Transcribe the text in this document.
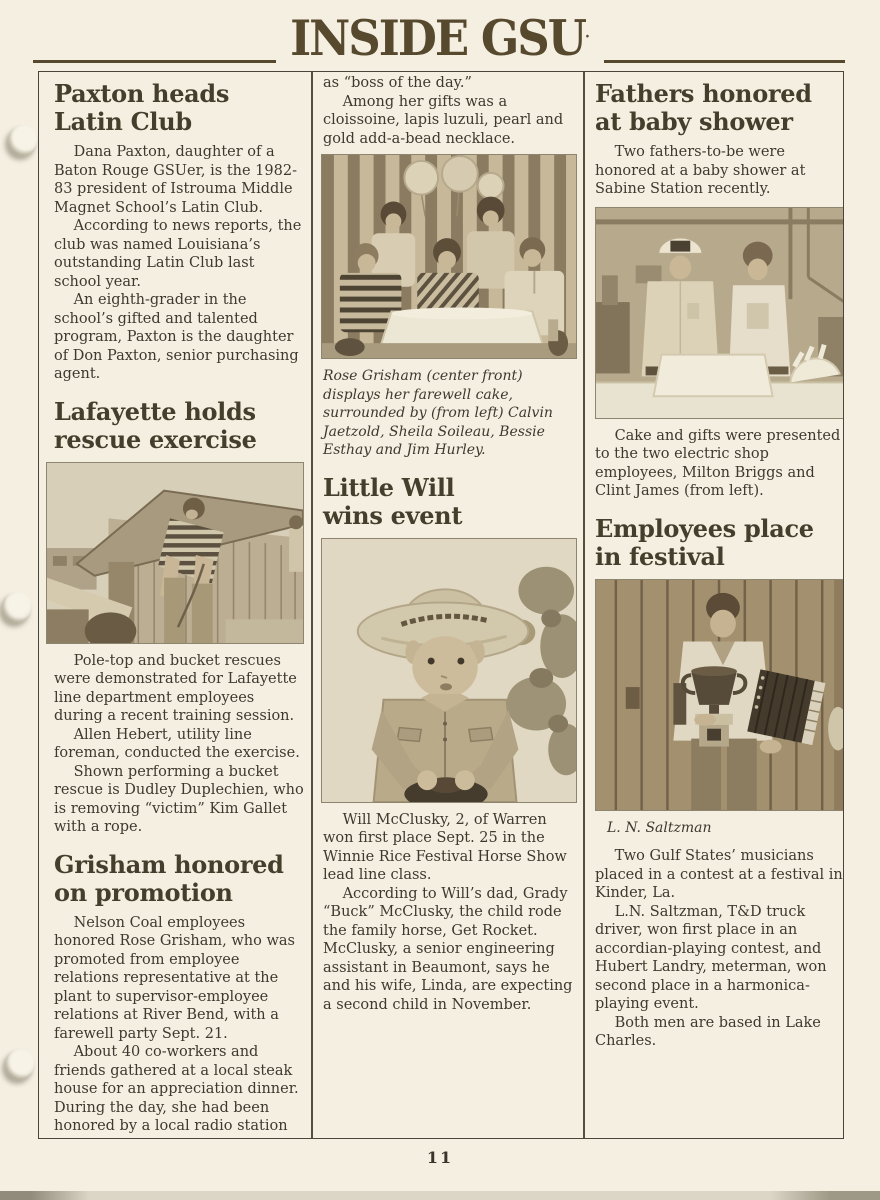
INSIDE GSU.
Paxton heads
Latin Club

Dana Paxton, daughter of a Baton Rouge GSUer, is the 1982-83 president of Istrouma Middle Magnet School’s Latin Club.

According to news reports, the club was named Louisiana’s outstanding Latin Club last school year.

An eighth-grader in the school’s gifted and talented program, Paxton is the daughter of Don Paxton, senior purchasing agent.

Lafayette holds
rescue exercise

Pole-top and bucket rescues were demonstrated for Lafayette line department employees during a recent training session.

Allen Hebert, utility line foreman, conducted the exercise.

Shown performing a bucket rescue is Dudley Duplechien, who is removing “victim” Kim Gallet with a rope.

Grisham honored
on promotion

Nelson Coal employees honored Rose Grisham, who was promoted from employee relations representative at the plant to supervisor-employee relations at River Bend, with a farewell party Sept. 21.

About 40 co-workers and friends gathered at a local steak house for an appreciation dinner. During the day, she had been honored by a local radio station

as “boss of the day.”

Among her gifts was a cloissoine, lapis luzuli, pearl and gold add-a-bead necklace.

Rose Grisham (center front) displays her farewell cake, surrounded by (from left) Calvin Jaetzold, Sheila Soileau, Bessie Esthay and Jim Hurley.

Little Will
wins event

Will McClusky, 2, of Warren won first place Sept. 25 in the Winnie Rice Festival Horse Show lead line class.

According to Will’s dad, Grady “Buck” McClusky, the child rode the family horse, Get Rocket. McClusky, a senior engineering assistant in Beaumont, says he and his wife, Linda, are expecting a second child in November.

Fathers honored
at baby shower

Two fathers-to-be were honored at a baby shower at Sabine Station recently.

Cake and gifts were presented to the two electric shop employees, Milton Briggs and Clint James (from left).

Employees place
in festival

L. N. Saltzman

Two Gulf States’ musicians placed in a contest at a festival in Kinder, La.

L.N. Saltzman, T&D truck driver, won first place in an accordian-playing contest, and Hubert Landry, meterman, won second place in a harmonica-playing event.

Both men are based in Lake Charles.

11
